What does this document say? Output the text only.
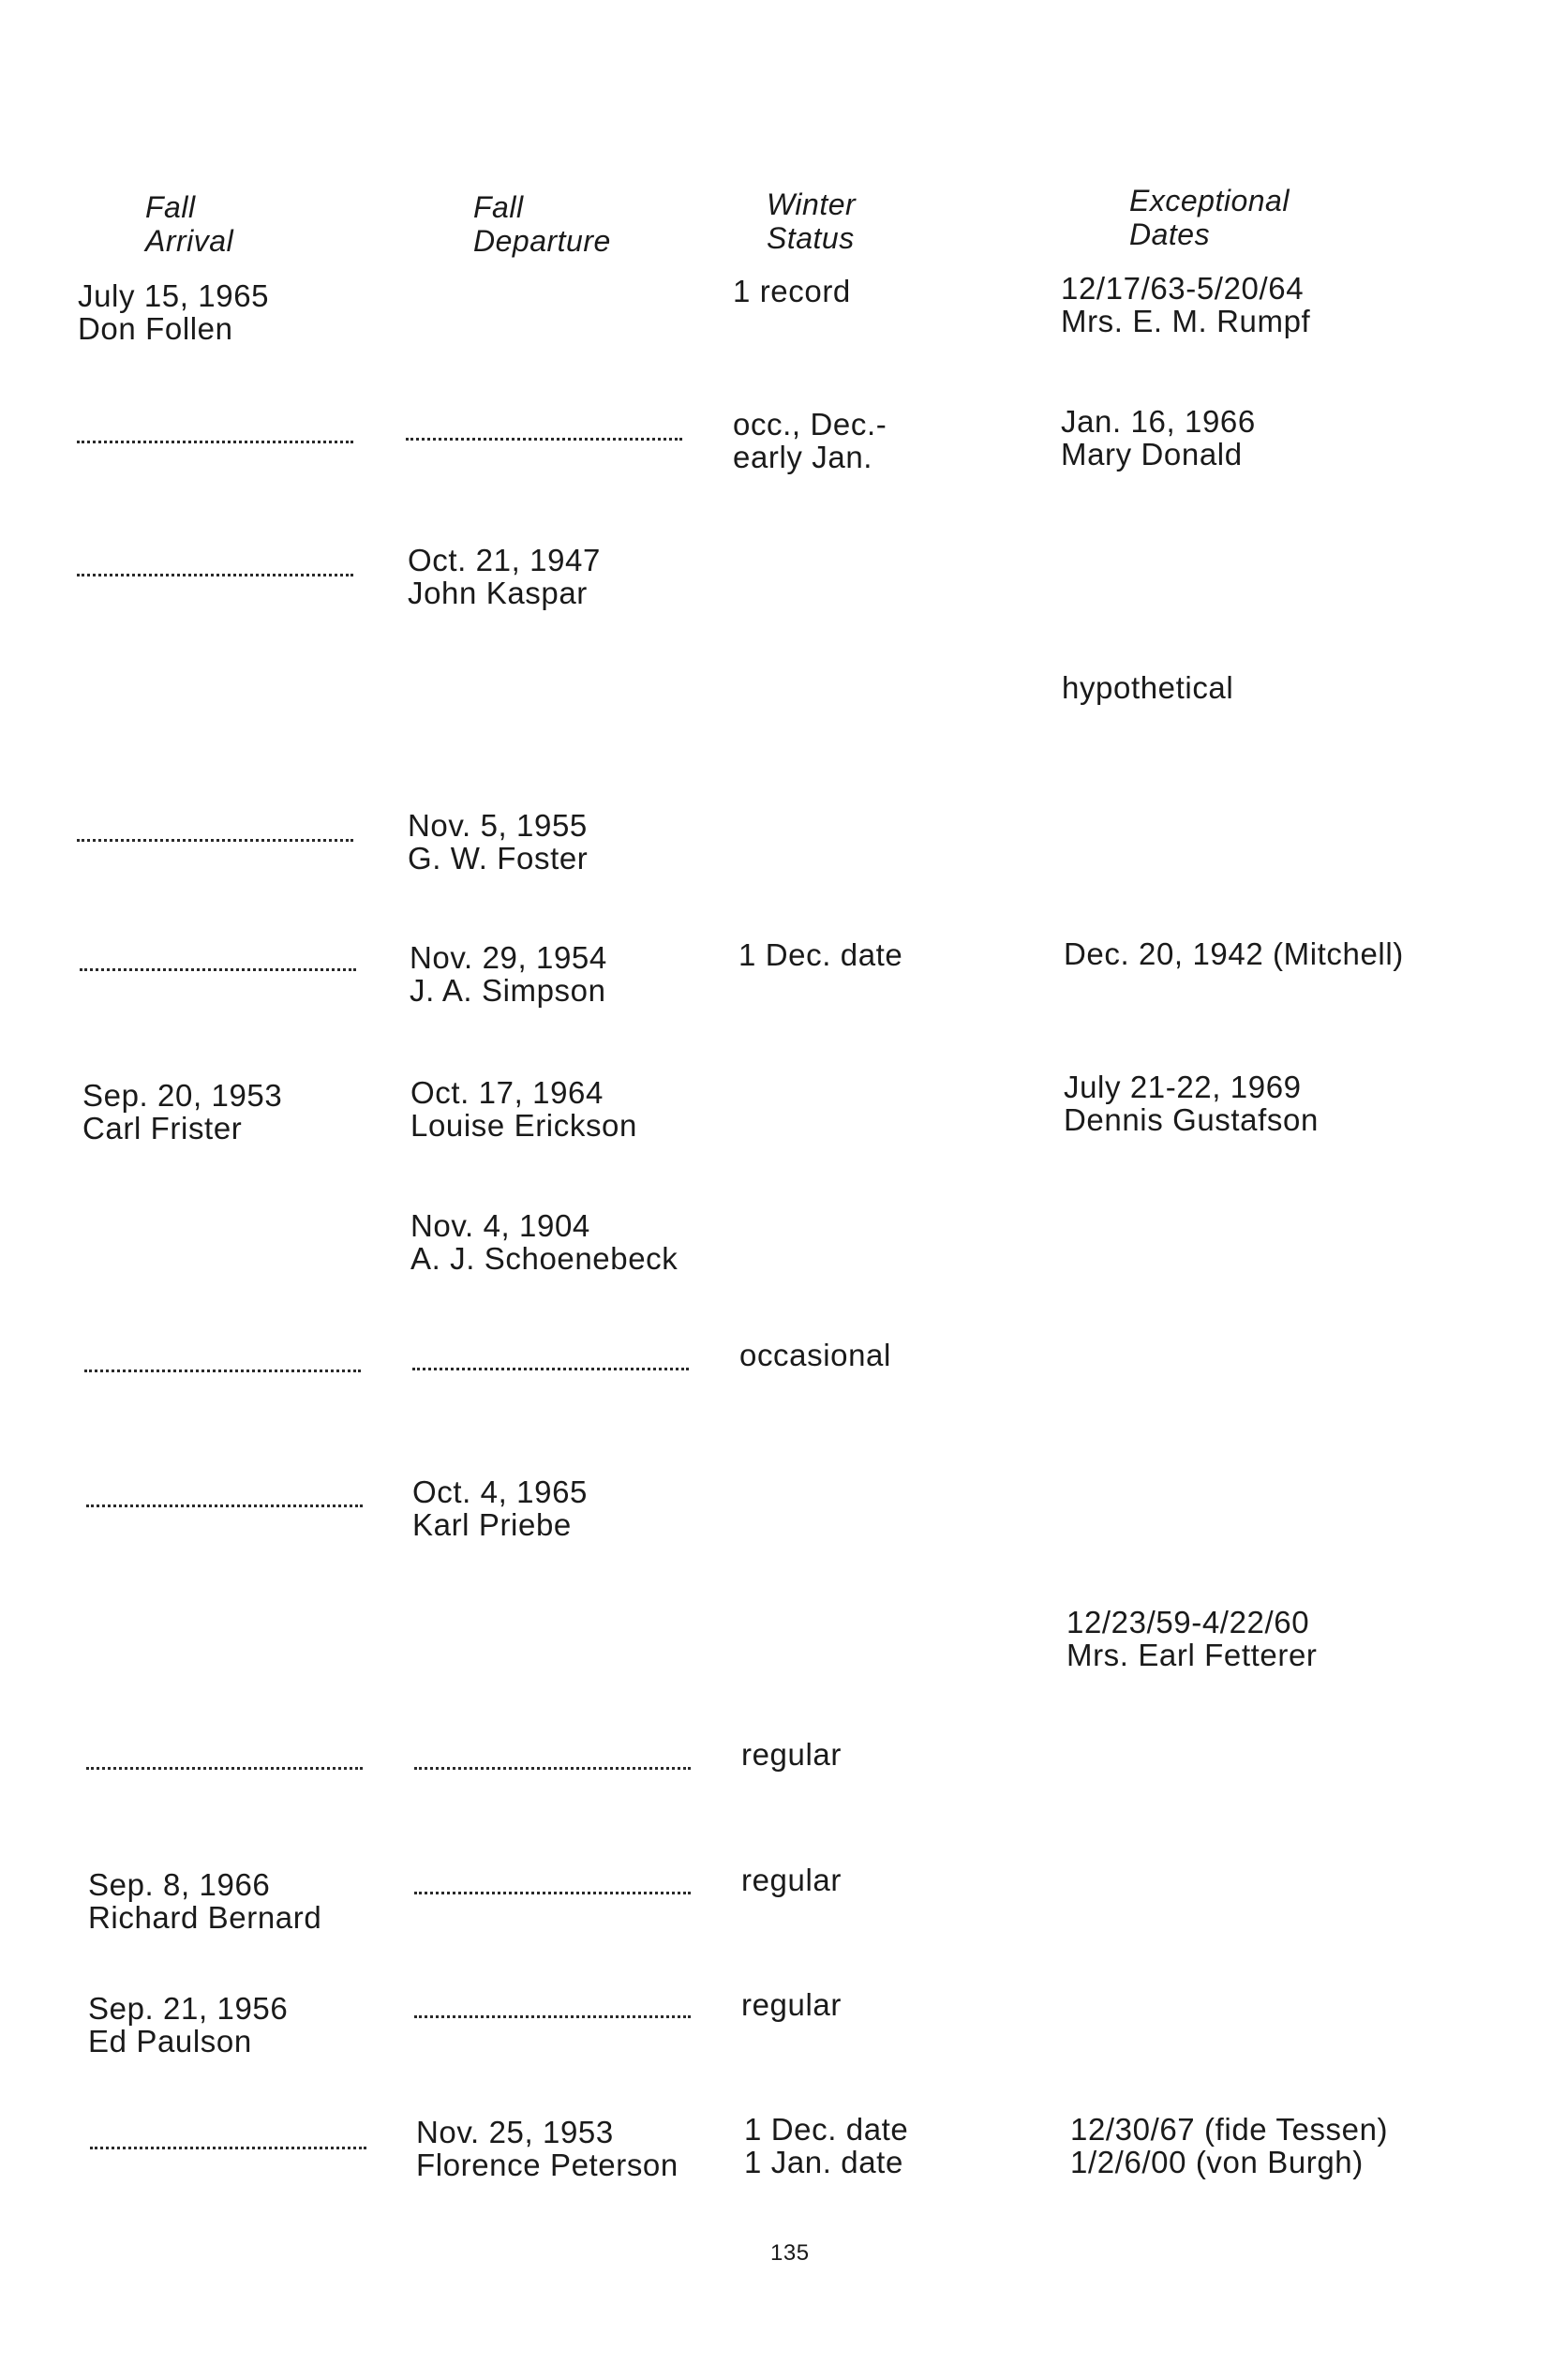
Fall
Arrival
Fall
Departure
Winter
Status
Exceptional
Dates
July 15, 1965
Don Follen
1 record	12/17/63-5/20/64
Mrs. E. M. Rumpf
occ., Dec.-
early Jan.
Jan. 16, 1966
Mary Donald
Oct. 21, 1947
John Kaspar
hypothetical
Nov. 5, 1955
G. W. Foster
Nov. 29, 1954
J. A. Simpson
1 Dec. date	Dec. 20, 1942 (Mitchell)
Sep. 20, 1953
Carl Frister
Oct. 17, 1964
Louise Erickson
July 21-22, 1969
Dennis Gustafson
Nov. 4, 1904
A. J. Schoenebeck
occasional
Oct. 4, 1965
Karl Priebe
12/23/59-4/22/60
Mrs. Earl Fetterer
regular
Sep. 8, 1966
Richard Bernard
regular
Sep. 21, 1956
Ed Paulson
regular
Nov. 25, 1953
Florence Peterson
1 Dec. date
1 Jan. date
12/30/67 (fide Tessen)
1/2/6/00 (von Burgh)
135
